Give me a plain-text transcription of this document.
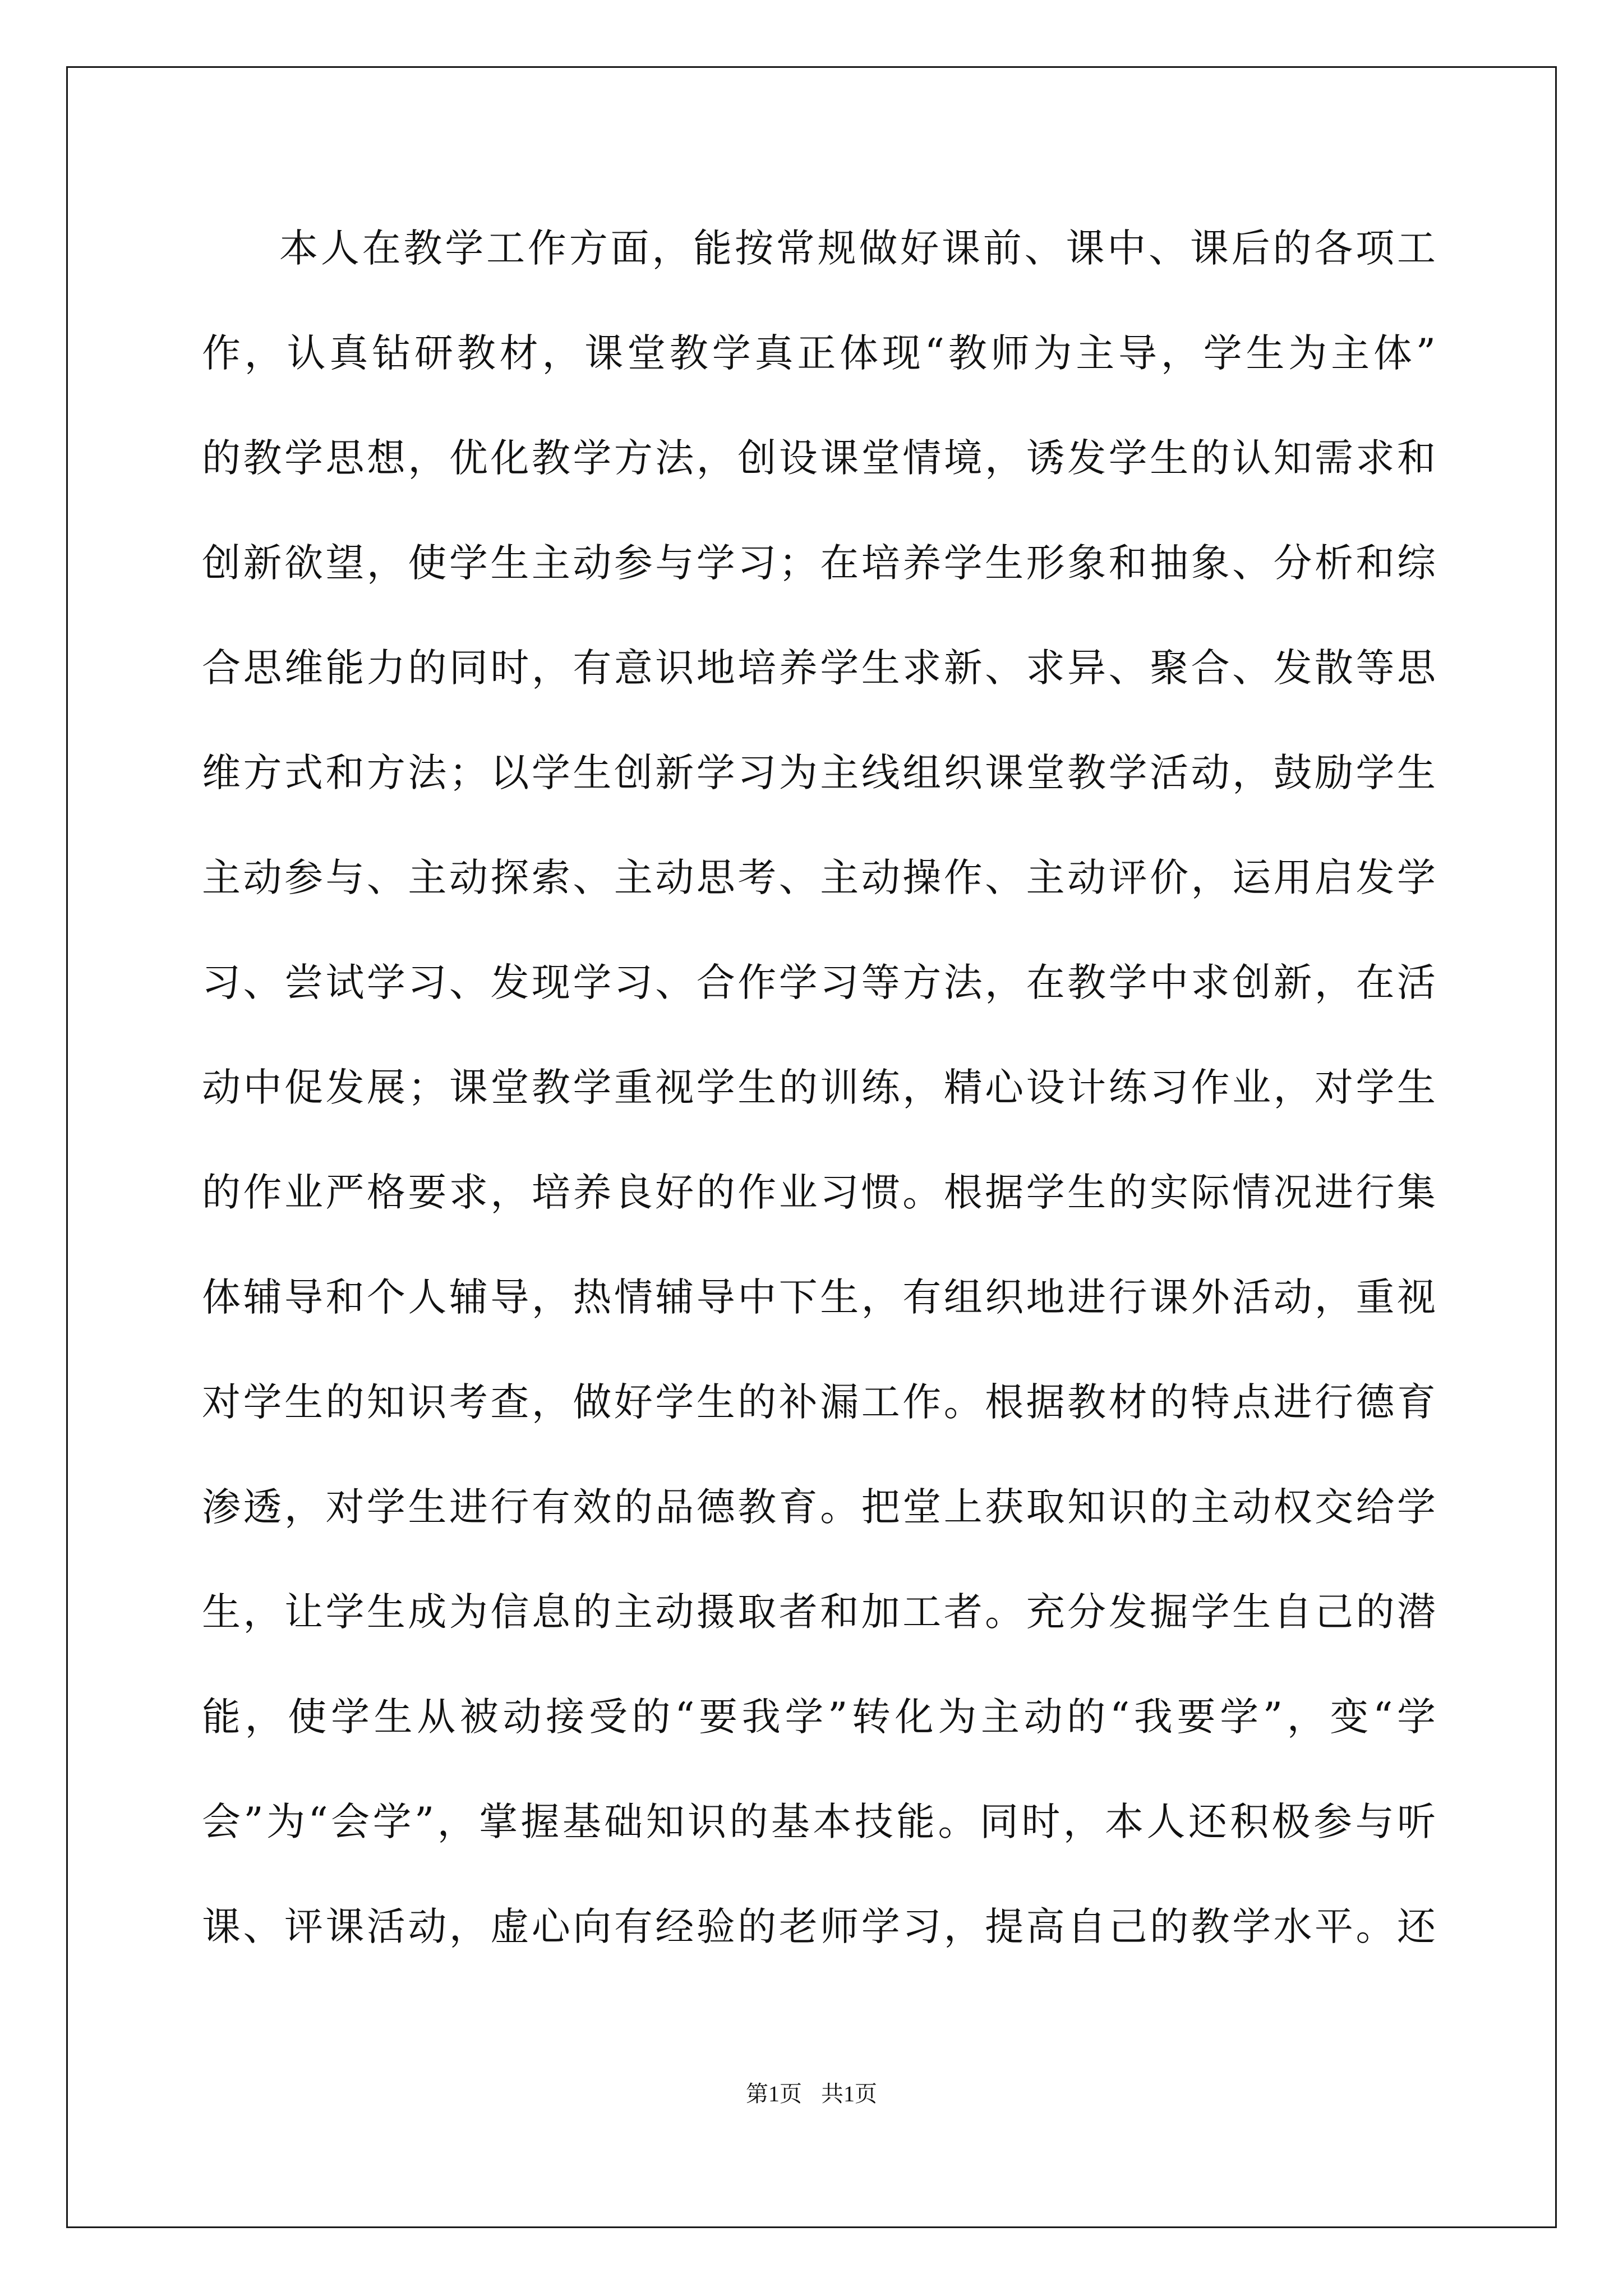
本人在教学工作方面，能按常规做好课前、课中、课后的各项工
作，认真钻研教材，课堂教学真正体现“教师为主导，学生为主体”
的教学思想，优化教学方法，创设课堂情境，诱发学生的认知需求和
创新欲望，使学生主动参与学习；在培养学生形象和抽象、分析和综
合思维能力的同时，有意识地培养学生求新、求异、聚合、发散等思
维方式和方法；以学生创新学习为主线组织课堂教学活动，鼓励学生
主动参与、主动探索、主动思考、主动操作、主动评价，运用启发学
习、尝试学习、发现学习、合作学习等方法，在教学中求创新，在活
动中促发展；课堂教学重视学生的训练，精心设计练习作业，对学生
的作业严格要求，培养良好的作业习惯。根据学生的实际情况进行集
体辅导和个人辅导，热情辅导中下生，有组织地进行课外活动，重视
对学生的知识考查，做好学生的补漏工作。根据教材的特点进行德育
渗透，对学生进行有效的品德教育。把堂上获取知识的主动权交给学
生，让学生成为信息的主动摄取者和加工者。充分发掘学生自己的潜
能，使学生从被动接受的“要我学”转化为主动的“我要学”，变“学
会”为“会学”，掌握基础知识的基本技能。同时，本人还积极参与听
课、评课活动，虚心向有经验的老师学习，提高自己的教学水平。还
第1页 共1页
